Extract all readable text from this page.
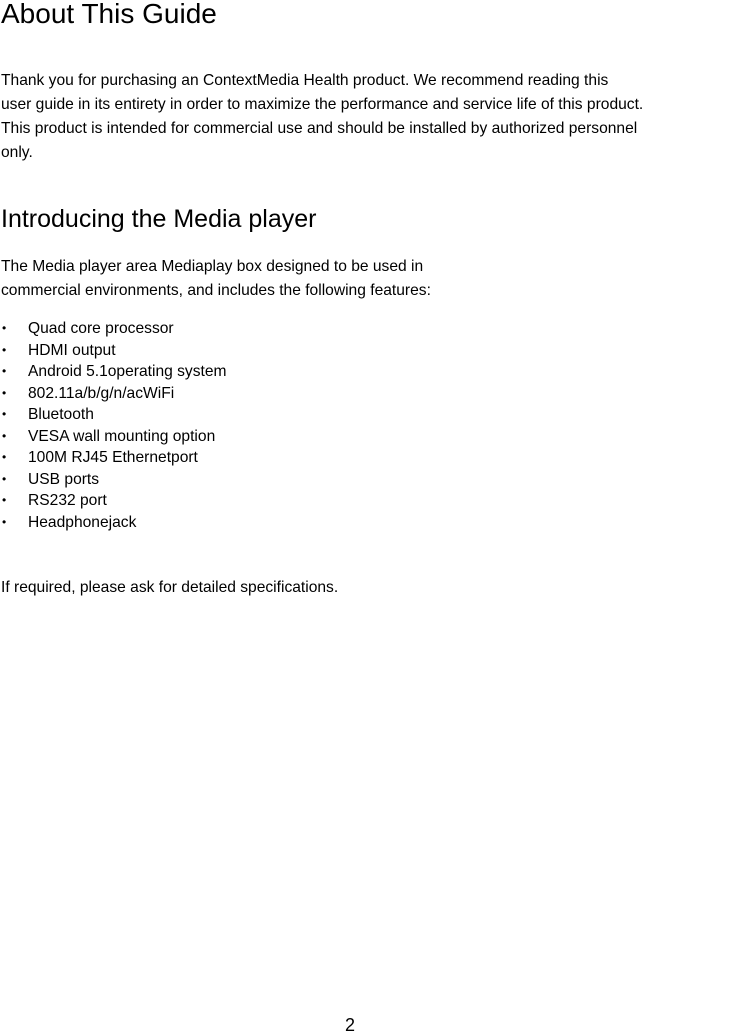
About This Guide

Thank you for purchasing an ContextMedia Health product. We recommend reading this
user guide in its entirety in order to maximize the performance and service life of this product.
This product is intended for commercial use and should be installed by authorized personnel
only.

Introducing the Media player

The Media player area Mediaplay box designed to be used in
commercial environments, and includes the following features:

• Quad core processor
• HDMI output
• Android 5.1operating system
• 802.11a/b/g/n/acWiFi
• Bluetooth
• VESA wall mounting option
• 100M RJ45 Ethernetport
• USB ports
• RS232 port
• Headphonejack

If required, please ask for detailed specifications.

2
